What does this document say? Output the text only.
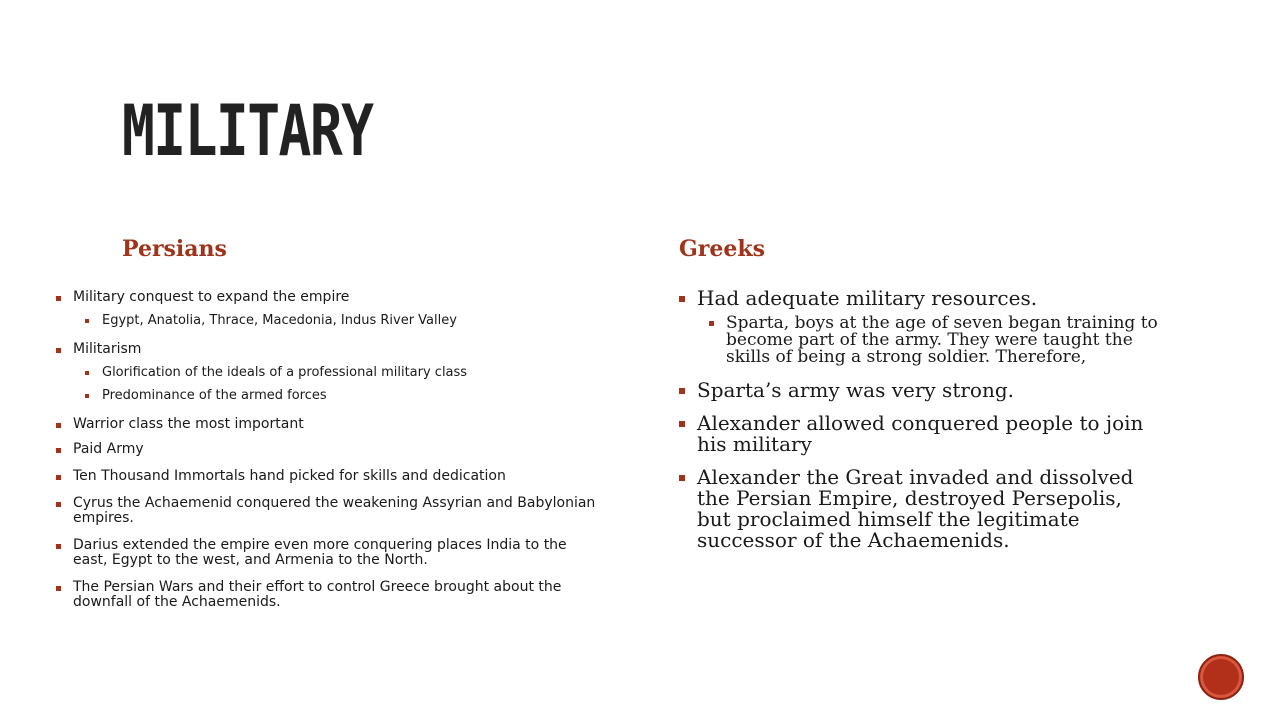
MILITARY
Persians	Greeks
Military conquest to expand the empire
Egypt, Anatolia, Thrace, Macedonia, Indus River Valley
Militarism
Glorification of the ideals of a professional military class
Predominance of the armed forces
Warrior class the most important
Paid Army
Ten Thousand Immortals hand picked for skills and dedication
Cyrus the Achaemenid conquered the weakening Assyrian and Babylonian empires.
Darius extended the empire even more conquering places India to the east, Egypt to the west, and Armenia to the North.
The Persian Wars and their effort to control Greece brought about the downfall of the Achaemenids.
Had adequate military resources.
Sparta, boys at the age of seven began training to become part of the army. They were taught the skills of being a strong soldier. Therefore,
Sparta’s army was very strong.
Alexander allowed conquered people to join his military
Alexander the Great invaded and dissolved the Persian Empire, destroyed Persepolis, but proclaimed himself the legitimate successor of the Achaemenids.
